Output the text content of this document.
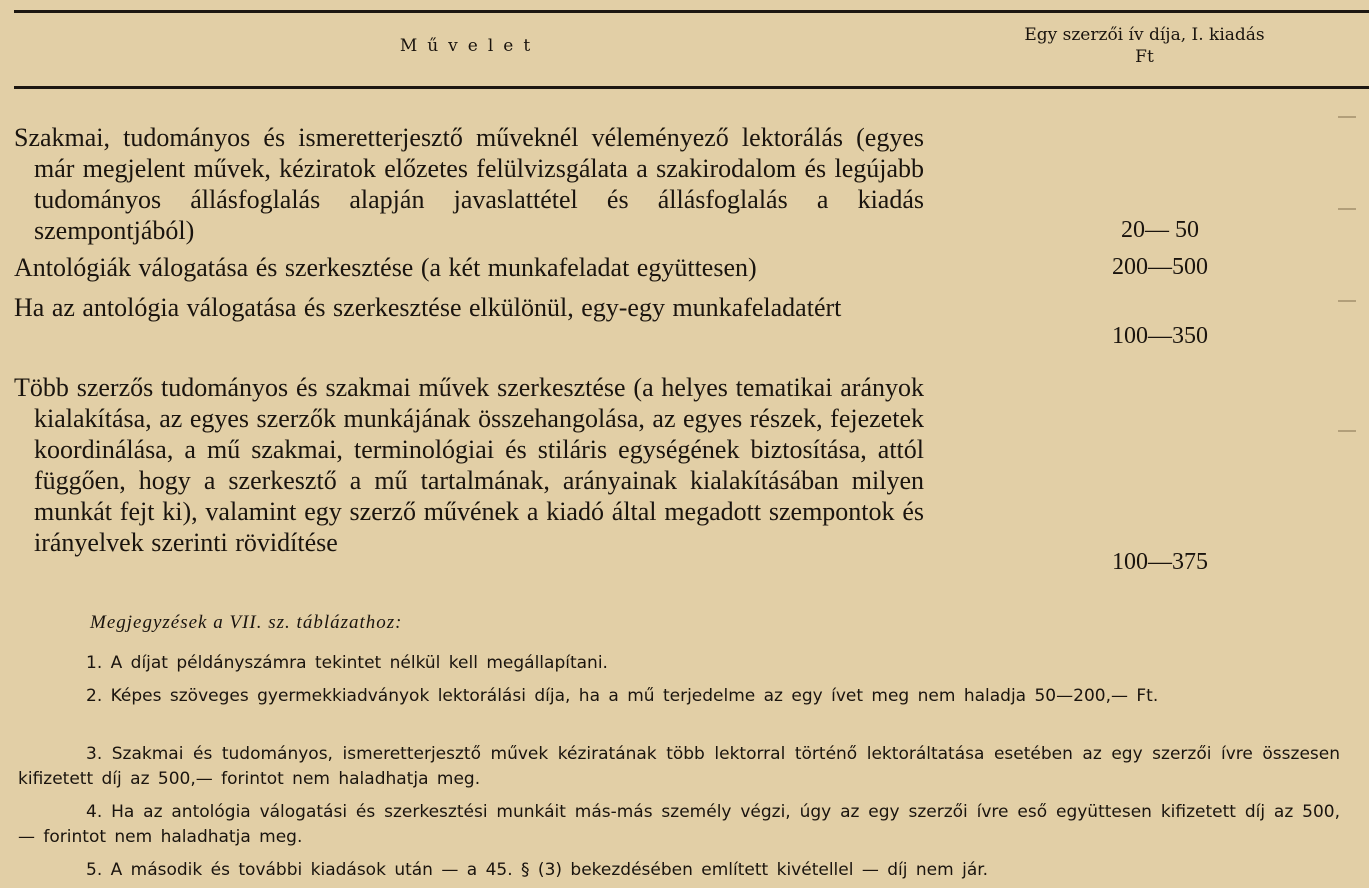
Művelet
Egy szerzői ív díja, I. kiadás
Ft
Szakmai, tudományos és ismeretterjesztő műveknél véleményező lektorálás (egyes már megjelent művek, kéziratok előzetes felülvizsgálata a szakirodalom és legújabb tudományos állásfoglalás alapján javaslattétel és állásfoglalás a kiadás szempontjából)	20— 50
Antológiák válogatása és szerkesztése (a két munkafeladat együttesen)	200—500
Ha az antológia válogatása és szerkesztése elkülönül, egy-egy munkafeladatért
100—350
Több szerzős tudományos és szakmai művek szerkesztése (a helyes tematikai arányok kialakítása, az egyes szerzők munkájának összehangolása, az egyes részek, fejezetek koordinálása, a mű szakmai, terminológiai és stiláris egységének biztosítása, attól függően, hogy a szerkesztő a mű tartalmának, arányainak kialakításában milyen munkát fejt ki), valamint egy szerző művének a kiadó által megadott szempontok és irányelvek szerinti rövidítése
100—375
Megjegyzések a VII. sz. táblázathoz:
1. A díjat példányszámra tekintet nélkül kell megállapítani.
2. Képes szöveges gyermekkiadványok lektorálási díja, ha a mű terjedelme az egy ívet meg nem haladja 50—200,— Ft.
3. Szakmai és tudományos, ismeretterjesztő művek kéziratának több lektorral történő lektoráltatása esetében az egy szerzői ívre összesen kifizetett díj az 500,— forintot nem haladhatja meg.
4. Ha az antológia válogatási és szerkesztési munkáit más-más személy végzi, úgy az egy szerzői ívre eső együttesen kifizetett díj az 500,— forintot nem haladhatja meg.
5. A második és további kiadások után — a 45. § (3) bekezdésében említett kivétellel — díj nem jár.
